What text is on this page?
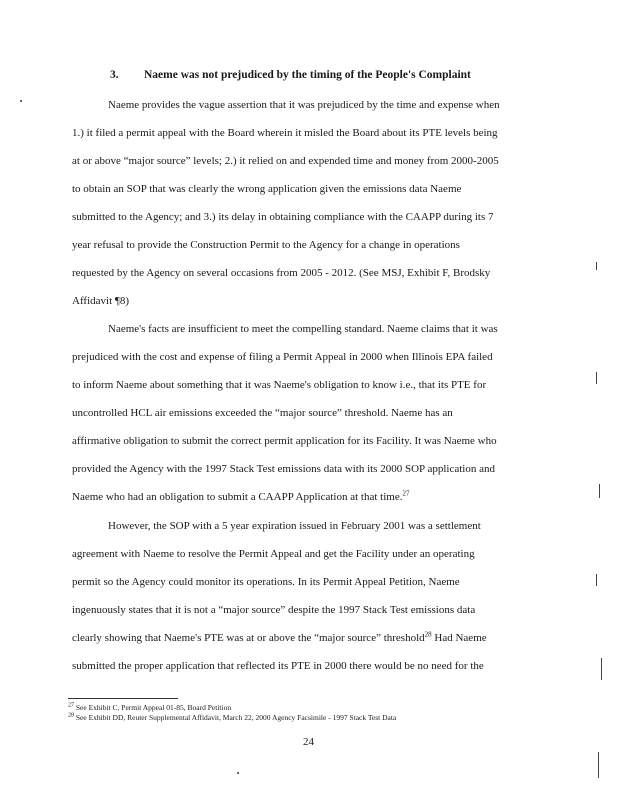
3. Naeme was not prejudiced by the timing of the People's Complaint
Naeme provides the vague assertion that it was prejudiced by the time and expense when
1.) it filed a permit appeal with the Board wherein it misled the Board about its PTE levels being
at or above “major source” levels; 2.) it relied on and expended time and money from 2000-2005
to obtain an SOP that was clearly the wrong application given the emissions data Naeme
submitted to the Agency; and 3.) its delay in obtaining compliance with the CAAPP during its 7
year refusal to provide the Construction Permit to the Agency for a change in operations
requested by the Agency on several occasions from 2005 - 2012. (See MSJ, Exhibit F, Brodsky
Affidavit ¶8)
Naeme's facts are insufficient to meet the compelling standard. Naeme claims that it was
prejudiced with the cost and expense of filing a Permit Appeal in 2000 when Illinois EPA failed
to inform Naeme about something that it was Naeme's obligation to know i.e., that its PTE for
uncontrolled HCL air emissions exceeded the “major source” threshold. Naeme has an
affirmative obligation to submit the correct permit application for its Facility. It was Naeme who
provided the Agency with the 1997 Stack Test emissions data with its 2000 SOP application and
Naeme who had an obligation to submit a CAAPP Application at that time.$^{27}$
However, the SOP with a 5 year expiration issued in February 2001 was a settlement
agreement with Naeme to resolve the Permit Appeal and get the Facility under an operating
permit so the Agency could monitor its operations. In its Permit Appeal Petition, Naeme
ingenuously states that it is not a “major source” despite the 1997 Stack Test emissions data
clearly showing that Naeme's PTE was at or above the “major source” threshold$^{28}$ Had Naeme
submitted the proper application that reflected its PTE in 2000 there would be no need for the
$^{27}$ See Exhibit C, Permit Appeal 01-85, Board Petition
$^{28}$ See Exhibit DD, Reuter Supplemental Affidavit, March 22, 2000 Agency Facsimile - 1997 Stack Test Data
24
